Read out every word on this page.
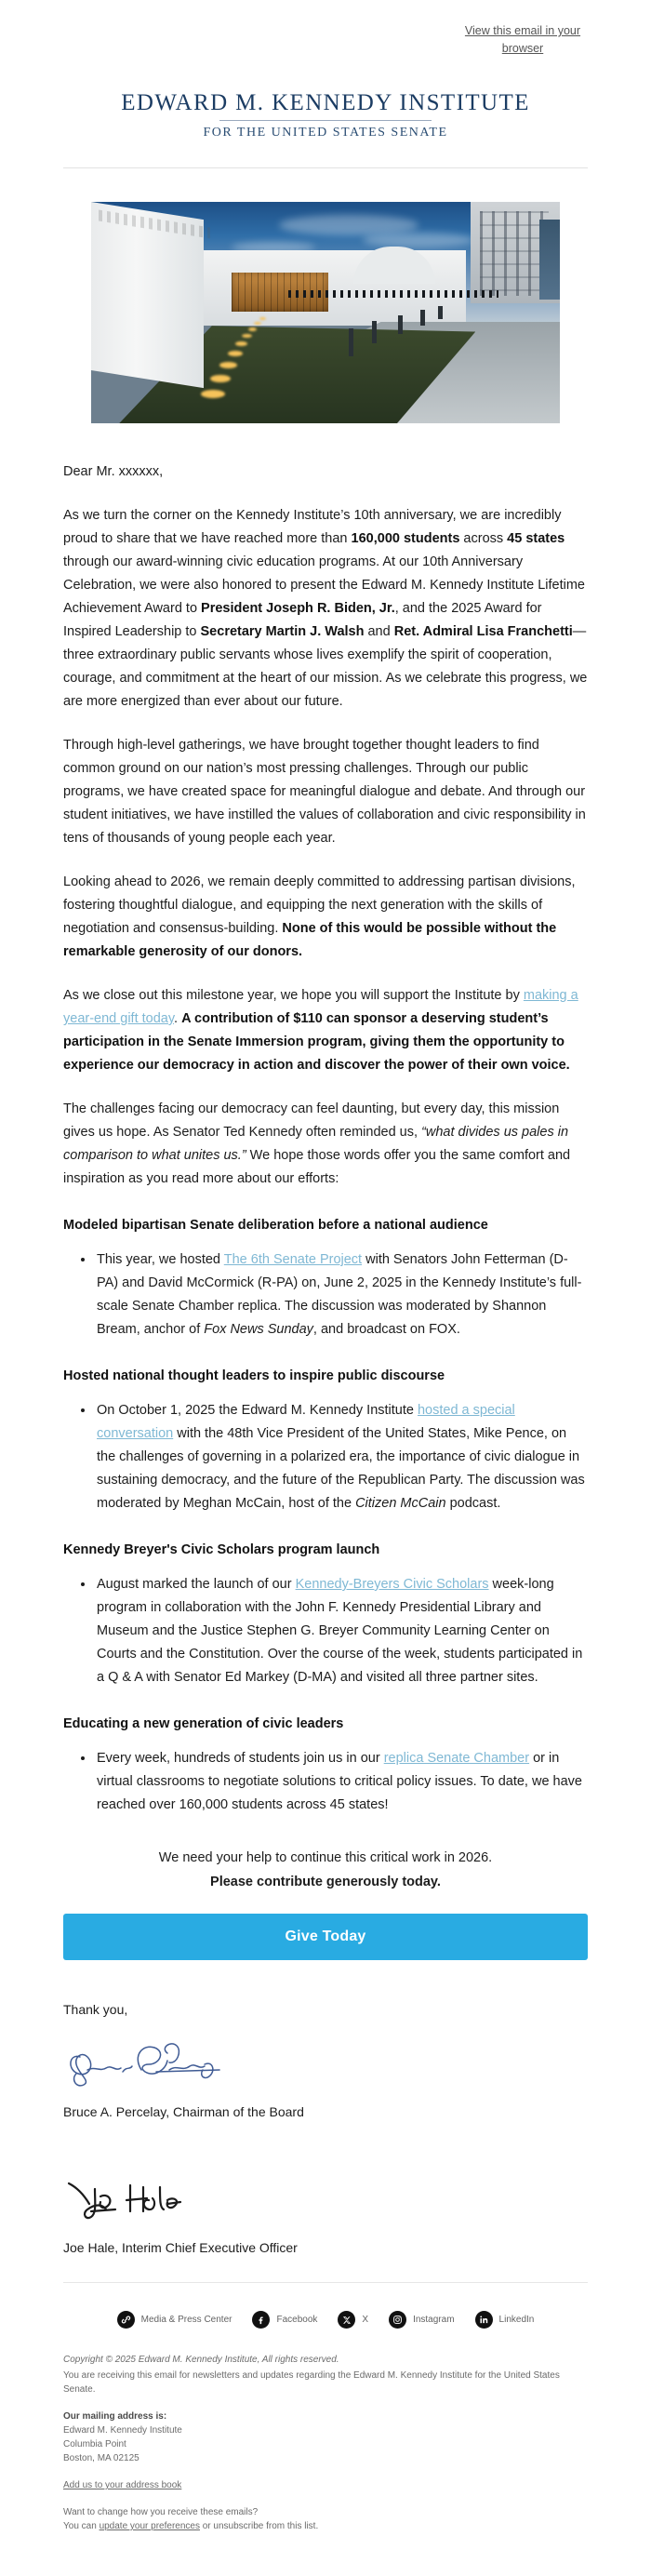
View this email in your browser
EDWARD M. KENNEDY INSTITUTE
FOR THE UNITED STATES SENATE

Dear Mr. xxxxxx,

As we turn the corner on the Kennedy Institute’s 10th anniversary, we are incredibly proud to share that we have reached more than 160,000 students across 45 states through our award-winning civic education programs. At our 10th Anniversary Celebration, we were also honored to present the Edward M. Kennedy Institute Lifetime Achievement Award to President Joseph R. Biden, Jr., and the 2025 Award for Inspired Leadership to Secretary Martin J. Walsh and Ret. Admiral Lisa Franchetti—three extraordinary public servants whose lives exemplify the spirit of cooperation, courage, and commitment at the heart of our mission. As we celebrate this progress, we are more energized than ever about our future.

Through high-level gatherings, we have brought together thought leaders to find common ground on our nation’s most pressing challenges. Through our public programs, we have created space for meaningful dialogue and debate. And through our student initiatives, we have instilled the values of collaboration and civic responsibility in tens of thousands of young people each year.

Looking ahead to 2026, we remain deeply committed to addressing partisan divisions, fostering thoughtful dialogue, and equipping the next generation with the skills of negotiation and consensus-building. None of this would be possible without the remarkable generosity of our donors.

As we close out this milestone year, we hope you will support the Institute by making a year-end gift today. A contribution of $110 can sponsor a deserving student’s participation in the Senate Immersion program, giving them the opportunity to experience our democracy in action and discover the power of their own voice.

The challenges facing our democracy can feel daunting, but every day, this mission gives us hope. As Senator Ted Kennedy often reminded us, “what divides us pales in comparison to what unites us.” We hope those words offer you the same comfort and inspiration as you read more about our efforts:

Modeled bipartisan Senate deliberation before a national audience
• This year, we hosted The 6th Senate Project with Senators John Fetterman (D-PA) and David McCormick (R-PA) on, June 2, 2025 in the Kennedy Institute’s full-scale Senate Chamber replica. The discussion was moderated by Shannon Bream, anchor of Fox News Sunday, and broadcast on FOX.
Hosted national thought leaders to inspire public discourse
• On October 1, 2025 the Edward M. Kennedy Institute hosted a special conversation with the 48th Vice President of the United States, Mike Pence, on the challenges of governing in a polarized era, the importance of civic dialogue in sustaining democracy, and the future of the Republican Party. The discussion was moderated by Meghan McCain, host of the Citizen McCain podcast.
Kennedy Breyer's Civic Scholars program launch
• August marked the launch of our Kennedy-Breyers Civic Scholars week-long program in collaboration with the John F. Kennedy Presidential Library and Museum and the Justice Stephen G. Breyer Community Learning Center on Courts and the Constitution. Over the course of the week, students participated in a Q & A with Senator Ed Markey (D-MA) and visited all three partner sites.
Educating a new generation of civic leaders
• Every week, hundreds of students join us in our replica Senate Chamber or in virtual classrooms to negotiate solutions to critical policy issues. To date, we have reached over 160,000 students across 45 states!
We need your help to continue this critical work in 2026.
Please contribute generously today.
Give Today

Thank you,

Bruce A. Percelay, Chairman of the Board

Joe Hale, Interim Chief Executive Officer

Media & Press Center	Facebook	X	Instagram	LinkedIn

Copyright © 2025 Edward M. Kennedy Institute, All rights reserved.

You are receiving this email for newsletters and updates regarding the Edward M. Kennedy Institute for the United States Senate.

Our mailing address is:

Edward M. Kennedy Institute

Columbia Point

Boston, MA 02125

Add us to your address book

Want to change how you receive these emails?

You can update your preferences or unsubscribe from this list.
